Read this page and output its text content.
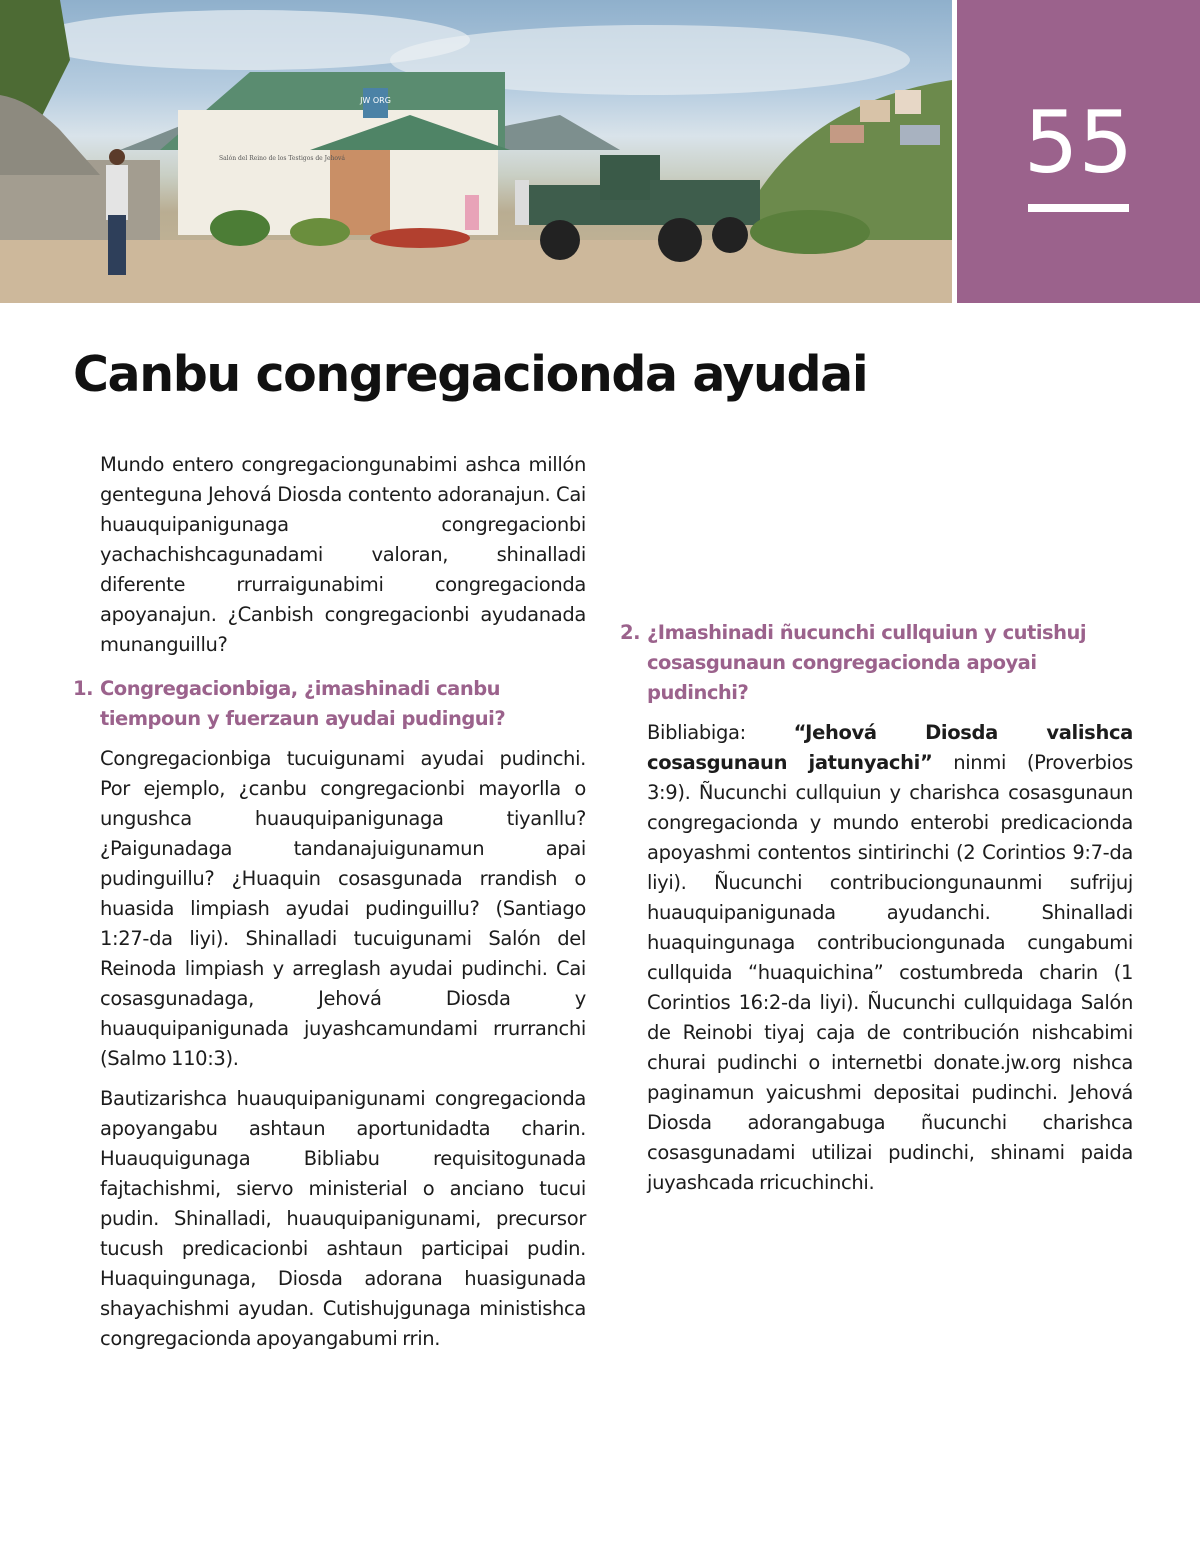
JW ORG
Salón del Reino de los Testigos de Jehová	55
Canbu congregacionda ayudai

Mundo entero congregaciongunabimi ashca millón genteguna Jehová Diosda contento adoranajun. Cai huauquipanigunaga congregacionbi yachachishcagunadami valoran, shinalladi diferente rrurraigunabimi congregacionda apoyanajun. ¿Canbish congregacionbi ayudanada munanguillu?

1. Congregacionbiga, ¿imashinadi canbu tiempoun y fuerzaun ayudai pudingui?

Congregacionbiga tucuigunami ayudai pudinchi. Por ejemplo, ¿canbu congregacionbi mayorlla o ungushca huauquipanigunaga tiyanllu? ¿Paigunadaga tandanajuigunamun apai pudinguillu? ¿Huaquin cosasgunada rrandish o huasida limpiash ayudai pudinguillu? (Santiago 1:27-da liyi). Shinalladi tucuigunami Salón del Reinoda limpiash y arreglash ayudai pudinchi. Cai cosasgunadaga, Jehová Diosda y huauquipanigunada juyashcamundami rrurranchi (Salmo 110:3).

Bautizarishca huauquipanigunami congregacionda apoyangabu ashtaun aportunidadta charin. Huauquigunaga Bibliabu requisitogunada fajtachishmi, siervo ministerial o anciano tucui pudin. Shinalladi, huauquipanigunami, precursor tucush predicacionbi ashtaun participai pudin. Huaquingunaga, Diosda adorana huasigunada shayachishmi ayudan. Cutishujgunaga ministishca congregacionda apoyangabumi rrin.

2. ¿Imashinadi ñucunchi cullquiun y cutishuj cosasgunaun congregacionda apoyai pudinchi?

Bibliabiga: “Jehová Diosda valishca cosasgunaun jatunyachi” ninmi (Proverbios 3:9). Ñucunchi cullquiun y charishca cosasgunaun congregacionda y mundo enterobi predicacionda apoyashmi contentos sintirinchi (2 Corintios 9:7-da liyi). Ñucunchi contribuciongunaunmi sufrijuj huauquipanigunada ayudanchi. Shinalladi huaquingunaga contribuciongunada cungabumi cullquida “huaquichina” costumbreda charin (1 Corintios 16:2-da liyi). Ñucunchi cullquidaga Salón de Reinobi tiyaj caja de contribución nishcabimi churai pudinchi o internetbi donate.jw.org nishca paginamun yaicushmi depositai pudinchi. Jehová Diosda adorangabuga ñucunchi charishca cosasgunadami utilizai pudinchi, shinami paida juyashcada rricuchinchi.
